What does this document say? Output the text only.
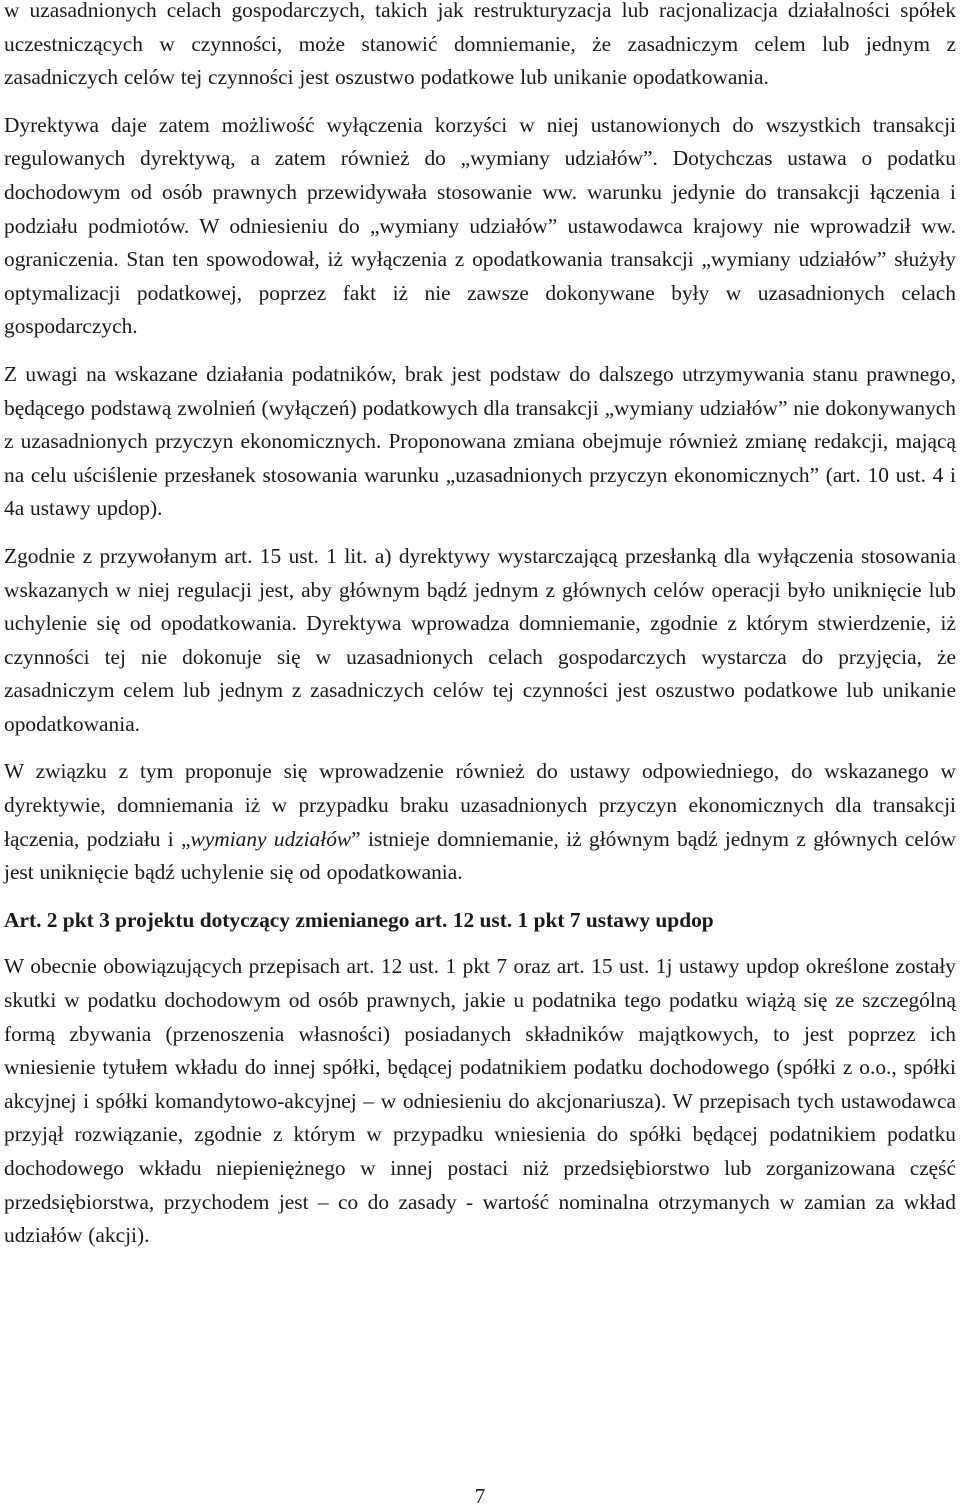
w uzasadnionych celach gospodarczych, takich jak restrukturyzacja lub racjonalizacja działalności spółek uczestniczących w czynności, może stanowić domniemanie, że zasadniczym celem lub jednym z zasadniczych celów tej czynności jest oszustwo podatkowe lub unikanie opodatkowania.

Dyrektywa daje zatem możliwość wyłączenia korzyści w niej ustanowionych do wszystkich transakcji regulowanych dyrektywą, a zatem również do „wymiany udziałów”. Dotychczas ustawa o podatku dochodowym od osób prawnych przewidywała stosowanie ww. warunku jedynie do transakcji łączenia i podziału podmiotów. W odniesieniu do „wymiany udziałów” ustawodawca krajowy nie wprowadził ww. ograniczenia. Stan ten spowodował, iż wyłączenia z opodatkowania transakcji „wymiany udziałów” służyły optymalizacji podatkowej, poprzez fakt iż nie zawsze dokonywane były w uzasadnionych celach gospodarczych.

Z uwagi na wskazane działania podatników, brak jest podstaw do dalszego utrzymywania stanu prawnego, będącego podstawą zwolnień (wyłączeń) podatkowych dla transakcji „wymiany udziałów” nie dokonywanych z uzasadnionych przyczyn ekonomicznych. Proponowana zmiana obejmuje również zmianę redakcji, mającą na celu uściślenie przesłanek stosowania warunku „uzasadnionych przyczyn ekonomicznych” (art. 10 ust. 4 i 4a ustawy updop).

Zgodnie z przywołanym art. 15 ust. 1 lit. a) dyrektywy wystarczającą przesłanką dla wyłączenia stosowania wskazanych w niej regulacji jest, aby głównym bądź jednym z głównych celów operacji było uniknięcie lub uchylenie się od opodatkowania. Dyrektywa wprowadza domniemanie, zgodnie z którym stwierdzenie, iż czynności tej nie dokonuje się w uzasadnionych celach gospodarczych wystarcza do przyjęcia, że zasadniczym celem lub jednym z zasadniczych celów tej czynności jest oszustwo podatkowe lub unikanie opodatkowania.

W związku z tym proponuje się wprowadzenie również do ustawy odpowiedniego, do wskazanego w dyrektywie, domniemania iż w przypadku braku uzasadnionych przyczyn ekonomicznych dla transakcji łączenia, podziału i „wymiany udziałów” istnieje domniemanie, iż głównym bądź jednym z głównych celów jest uniknięcie bądź uchylenie się od opodatkowania.

Art. 2 pkt 3 projektu dotyczący zmienianego art. 12 ust. 1 pkt 7 ustawy updop

W obecnie obowiązujących przepisach art. 12 ust. 1 pkt 7 oraz art. 15 ust. 1j ustawy updop określone zostały skutki w podatku dochodowym od osób prawnych, jakie u podatnika tego podatku wiążą się ze szczególną formą zbywania (przenoszenia własności) posiadanych składników majątkowych, to jest poprzez ich wniesienie tytułem wkładu do innej spółki, będącej podatnikiem podatku dochodowego (spółki z o.o., spółki akcyjnej i spółki komandytowo-akcyjnej – w odniesieniu do akcjonariusza). W przepisach tych ustawodawca przyjął rozwiązanie, zgodnie z którym w przypadku wniesienia do spółki będącej podatnikiem podatku dochodowego wkładu niepieniężnego w innej postaci niż przedsiębiorstwo lub zorganizowana część przedsiębiorstwa, przychodem jest – co do zasady - wartość nominalna otrzymanych w zamian za wkład udziałów (akcji).

7
